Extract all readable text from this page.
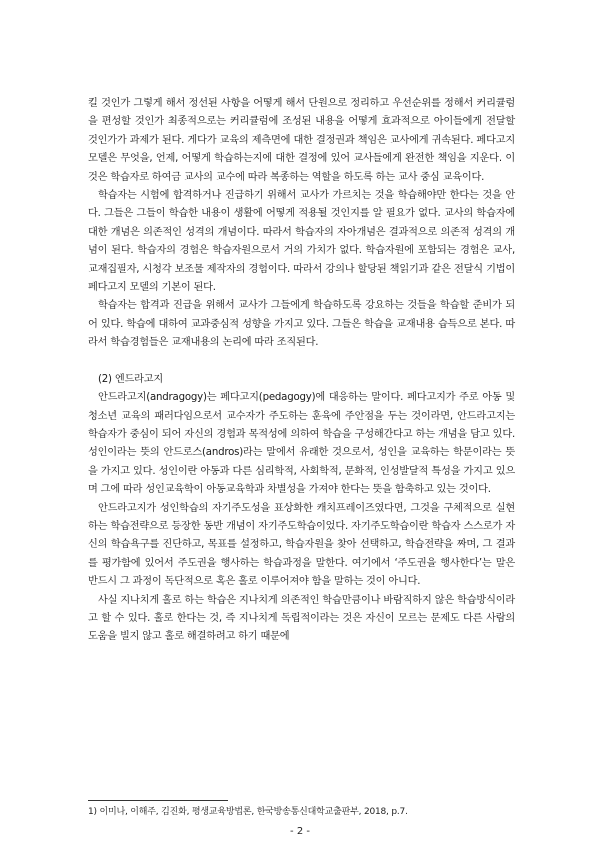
킬 것인가 그렇게 해서 정선된 사항을 어떻게 해서 단원으로 정리하고 우선순위를 정해서 커리큘럼을 편성할 것인가 최종적으로는 커리큘럼에 조성된 내용을 어떻게 효과적으로 아이들에게 전달할 것인가가 과제가 된다. 게다가 교육의 제측면에 대한 결정권과 책임은 교사에게 귀속된다. 페다고지 모델은 무엇을, 언제, 어떻게 학습하는지에 대한 결정에 있어 교사들에게 완전한 책임을 지운다. 이것은 학습자로 하여금 교사의 교수에 따라 복종하는 역할을 하도록 하는 교사 중심 교육이다.

학습자는 시험에 합격하거나 진급하기 위해서 교사가 가르치는 것을 학습해야만 한다는 것을 안다. 그들은 그들이 학습한 내용이 생활에 어떻게 적용될 것인지를 알 필요가 없다. 교사의 학습자에 대한 개념은 의존적인 성격의 개념이다. 따라서 학습자의 자아개념은 결과적으로 의존적 성격의 개념이 된다. 학습자의 경험은 학습자원으로서 거의 가치가 없다. 학습자원에 포함되는 경험은 교사, 교재집필자, 시청각 보조물 제작자의 경험이다. 따라서 강의나 할당된 책읽기과 같은 전달식 기법이 페다고지 모델의 기본이 된다.

학습자는 합격과 진급을 위해서 교사가 그들에게 학습하도록 강요하는 것들을 학습할 준비가 되어 있다. 학습에 대하여 교과중심적 성향을 가지고 있다. 그들은 학습을 교재내용 습득으로 본다. 따라서 학습경험들은 교재내용의 논리에 따라 조직된다.

(2) 엔드라고지

안드라고지(andragogy)는 페다고지(pedagogy)에 대응하는 말이다. 페다고지가 주로 아동 및 청소년 교육의 패러다임으로서 교수자가 주도하는 훈육에 주안점을 두는 것이라면, 안드라고지는 학습자가 중심이 되어 자신의 경험과 목적성에 의하여 학습을 구성해간다고 하는 개념을 담고 있다. 성인이라는 뜻의 안드로스(andros)라는 말에서 유래한 것으로서, 성인을 교육하는 학문이라는 뜻을 가지고 있다. 성인이란 아동과 다른 심리학적, 사회학적, 문화적, 인성발달적 특성을 가지고 있으며 그에 따라 성인교육학이 아동교육학과 차별성을 가져야 한다는 뜻을 함축하고 있는 것이다.

안드라고지가 성인학습의 자기주도성을 표상화한 캐치프레이즈였다면, 그것을 구체적으로 실현하는 학습전략으로 등장한 동반 개념이 자기주도학습이었다. 자기주도학습이란 학습자 스스로가 자신의 학습욕구를 진단하고, 목표를 설정하고, 학습자원을 찾아 선택하고, 학습전략을 짜며, 그 결과를 평가함에 있어서 주도권을 행사하는 학습과정을 말한다. 여기에서 ‘주도권을 행사한다’는 말은 반드시 그 과정이 독단적으로 혹은 홀로 이루어져야 함을 말하는 것이 아니다.

사실 지나치게 홀로 하는 학습은 지나치게 의존적인 학습만큼이나 바람직하지 않은 학습방식이라고 할 수 있다. 홀로 한다는 것, 즉 지나치게 독립적이라는 것은 자신이 모르는 문제도 다른 사람의 도움을 빌지 않고 홀로 해결하려고 하기 때문에

1) 이미나, 이해주, 김진화, 평생교육방법론, 한국방송통신대학교출판부, 2018, p.7.
- 2 -
